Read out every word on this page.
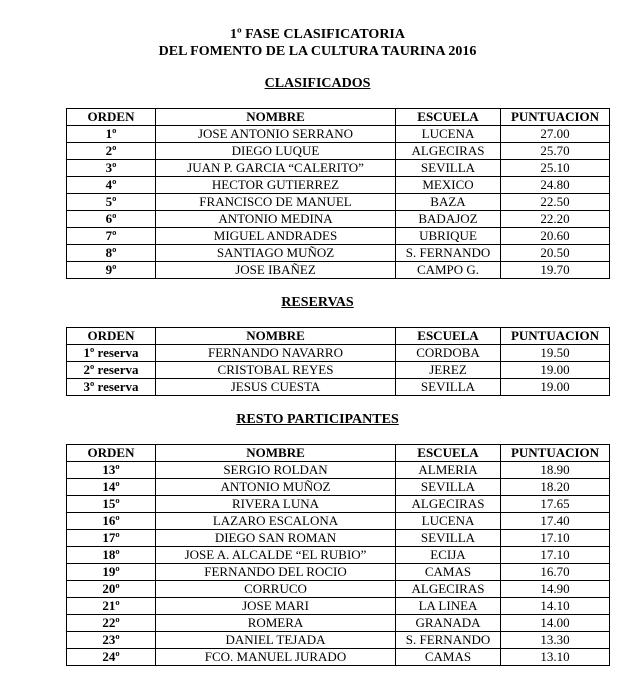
1º FASE CLASIFICATORIA
DEL FOMENTO DE LA CULTURA TAURINA 2016
CLASIFICADOS
ORDEN	NOMBRE	ESCUELA	PUNTUACION
1º	JOSE ANTONIO SERRANO	LUCENA	27.00
2º	DIEGO LUQUE	ALGECIRAS	25.70
3º	JUAN P. GARCIA “CALERITO”	SEVILLA	25.10
4º	HECTOR GUTIERREZ	MEXICO	24.80
5º	FRANCISCO DE MANUEL	BAZA	22.50
6º	ANTONIO MEDINA	BADAJOZ	22.20
7º	MIGUEL ANDRADES	UBRIQUE	20.60
8º	SANTIAGO MUÑOZ	S. FERNANDO	20.50
9º	JOSE IBAÑEZ	CAMPO G.	19.70
RESERVAS
ORDEN	NOMBRE	ESCUELA	PUNTUACION
1º reserva	FERNANDO NAVARRO	CORDOBA	19.50
2º reserva	CRISTOBAL REYES	JEREZ	19.00
3º reserva	JESUS CUESTA	SEVILLA	19.00
RESTO PARTICIPANTES
ORDEN	NOMBRE	ESCUELA	PUNTUACION
13º	SERGIO ROLDAN	ALMERIA	18.90
14º	ANTONIO MUÑOZ	SEVILLA	18.20
15º	RIVERA LUNA	ALGECIRAS	17.65
16º	LAZARO ESCALONA	LUCENA	17.40
17º	DIEGO SAN ROMAN	SEVILLA	17.10
18º	JOSE A. ALCALDE “EL RUBIO”	ECIJA	17.10
19º	FERNANDO DEL ROCIO	CAMAS	16.70
20º	CORRUCO	ALGECIRAS	14.90
21º	JOSE MARI	LA LINEA	14.10
22º	ROMERA	GRANADA	14.00
23º	DANIEL TEJADA	S. FERNANDO	13.30
24º	FCO. MANUEL JURADO	CAMAS	13.10
